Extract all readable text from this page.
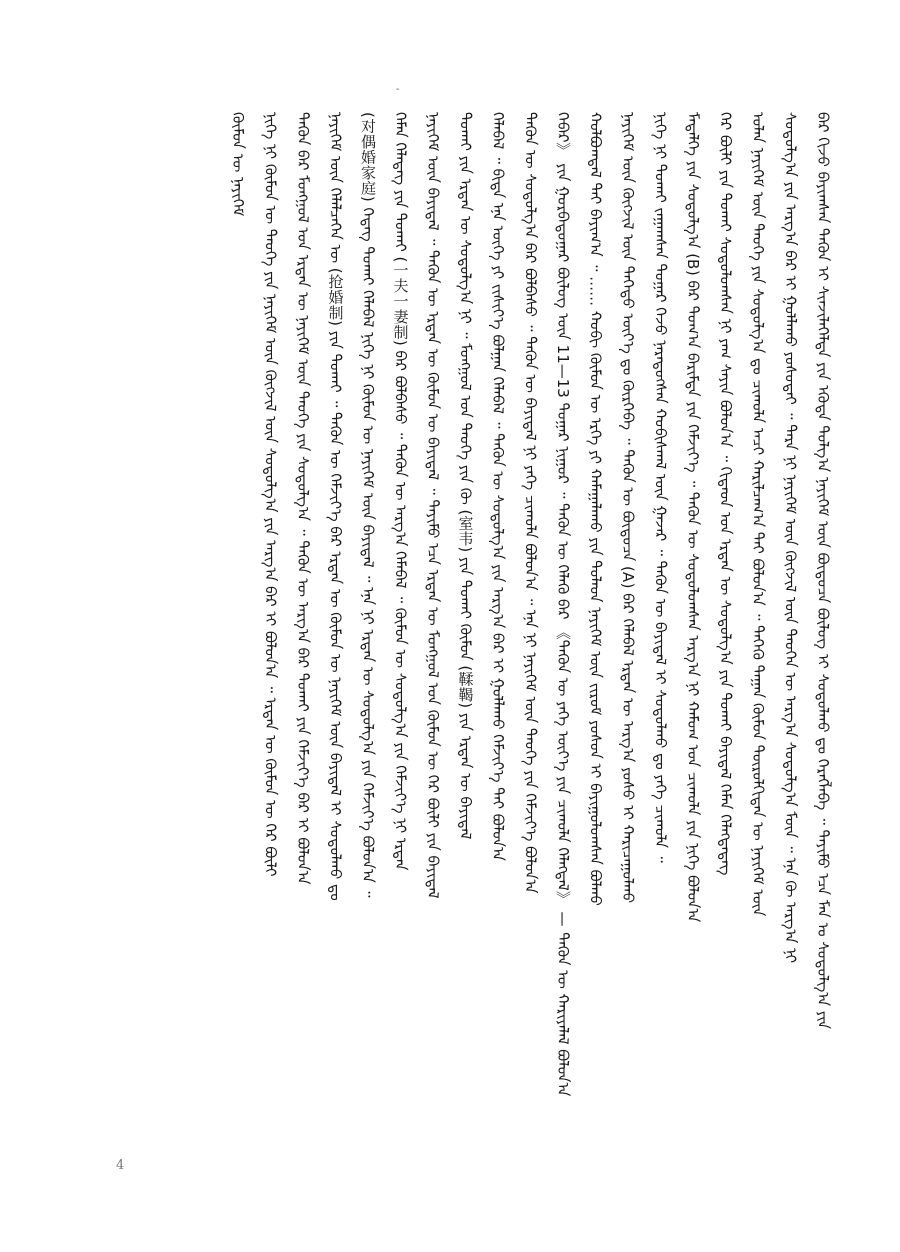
-
ᠪᠡᠷ ᠬᠢᠵᠤ ᠪᠠᠶᠢᠭᠰᠠᠨ ᠲᠡᠭᠦᠨ ᠢ ᠰᠢᠨᠵᠢᠯᠡᠭᠡᠯᠳᠡ ᠶᠢᠨ ᠡᠭᠦᠳᠡ ᠲᠤᠯᠭ᠎ᠠ ᠨᠡᠶᠢᠭᠡᠮ ᠦᠨ ᠪᠦᠲᠦᠴᠡ ᠪᠦᠯᠦᠭ ᠢ ᠰᠤᠳᠤᠯᠬᠤ ᠳᠤ ᠬᠡᠷᠡᠭᠯᠡᠪᠡ ᠃ ᠲᠡᠶᠢᠮᠦ ᠡᠴᠡ ᠮᠠᠨ ᠤ ᠰᠤᠳᠤᠯᠭ᠎ᠠ ᠶᠢᠨ
ᠰᠤᠳᠤᠯᠭ᠎ᠠ ᠶᠢᠨ ᠠᠷᠭ᠎ᠠ ᠪᠠᠷ ᠢ ᠭᠤᠯᠯᠠᠬᠤ ᠶᠤᠰᠤᠲᠠᠢ ᠃ ᠲᠡᠷᠡ ᠨᠢ ᠨᠡᠶᠢᠭᠡᠮ ᠦᠨ ᠬᠦᠭᠵᠢᠯ ᠦᠨ ᠲᠡᠦᠬᠡᠨ ᠦ ᠠᠷᠭ᠎ᠠ ᠰᠤᠳᠤᠯᠭ᠎ᠠ ᠮᠦᠨ ᠃ ᠡᠨᠡ ᠬᠦ ᠠᠷᠭ᠎ᠠ ᠨᠢ
ᠣᠯᠠᠨ ᠨᠡᠶᠢᠭᠡᠮ ᠦᠨ ᠲᠡᠦᠬᠡ ᠶᠢᠨ ᠰᠤᠳᠤᠯᠭ᠎ᠠ ᠳᠤ ᠴᠢᠬᠤᠯᠠ ᠠᠴᠢ ᠬᠠᠷᠢᠯᠴᠠᠭ᠎ᠠ ᠲᠠᠢ ᠪᠣᠯᠤᠨ᠎ᠠ ᠃ ᠲᠡᠭᠡᠬᠦ ᠳᠠᠭᠠᠨ ᠬᠦᠮᠦᠨ ᠲᠦᠷᠦᠯᠬᠢᠲᠡᠨ ᠦ ᠨᠡᠶᠢᠭᠡᠮ ᠦᠨ
ᠭᠡᠷ ᠪᠦᠯᠢ ᠶᠢᠨ ᠲᠤᠬᠠᠢ ᠰᠤᠳᠤᠯᠤᠭᠰᠠᠨ ᠨᠢ ᠶᠠᠭ ᠰᠠᠶᠢᠨ ᠪᠣᠯᠤᠨ᠎ᠠ ᠃ ᠬᠢᠲᠠᠳ ᠤᠨ ᠡᠷᠲᠡᠨ ᠦ ᠰᠤᠳᠤᠯᠭ᠎ᠠ ᠶᠢᠨ ᠲᠤᠬᠠᠢ ᠪᠠᠶᠢᠳᠠᠯ ᠬᠡᠮᠡᠨ ᠬᠡᠯᠡᠭᠳᠡᠳᠡᠭ
ᠮᠡᠳᠡᠯᠭᠡ ᠶᠢᠨ ᠰᠤᠳᠤᠯᠭ᠎ᠠ (B) ᠪᠠᠷ ᠲᠤᠭ᠎ᠠ ᠪᠠᠷᠢᠮᠲᠠ ᠶᠢᠨ ᠬᠡᠮᠵᠢᠶ᠎ᠡ ᠃ ᠲᠡᠭᠦᠨ ᠦ ᠰᠤᠳᠤᠯᠤᠭᠰᠠᠨ ᠠᠷᠭ᠎ᠠ ᠨᠢ ᠬᠠᠮᠤᠭ ᠤᠨ ᠴᠢᠬᠤᠯᠠ ᠶᠢᠨ ᠨᠢᠭᠡ ᠪᠣᠯᠤᠨ᠎ᠠ
ᠨᠢᠭᠡ ᠨᠢ ᠲᠤᠬᠠᠢ ᠵᠠᠭᠠᠭᠰᠠᠨ ᠳᠤᠭᠠᠷ ᠭᠡᠵᠦ ᠨᠡᠷᠡᠳᠦᠭᠰᠡᠨ ᠬᠤᠪᠢᠰᠬᠠᠯ ᠦᠨ ᠭᠠᠵᠠᠷ ᠃ ᠲᠡᠭᠦᠨ ᠦ ᠪᠠᠶᠢᠳᠠᠯ ᠢ ᠰᠤᠳᠤᠯᠬᠤ ᠳᠤ ᠶᠡᠬᠡ ᠴᠢᠬᠤᠯᠠ ᠃
ᠨᠡᠶᠢᠭᠡᠮ ᠦᠨ ᠬᠦᠭᠵᠢᠯ ᠦᠨ ᠳᠡᠭᠡᠳᠦ ᠦᠶ᠎ᠡ ᠳᠤ ᠬᠦᠷᠭᠡᠪᠡ ᠃ ᠲᠡᠭᠦᠨ ᠦ ᠪᠦᠲᠦᠴᠡ (A) ᠪᠠᠷ ᠬᠡᠯᠡᠪᠡᠯ ᠡᠷᠲᠡᠨ ᠦ ᠠᠷᠭ᠎ᠠ ᠶᠤᠰᠤ ᠢ ᠬᠠᠷᠢᠴᠠᠭᠤᠯᠬᠤ
ᠬᠣᠯᠪᠤᠭᠳᠠᠯ ᠲᠠᠢ ᠪᠠᠶᠢᠭ᠎ᠠ ᠃ …… ᠬᠤᠪᠢ ᠬᠦᠮᠦᠨ ᠦ ᠡᠷᠬᠡ ᠶᠢ ᠬᠠᠮᠠᠭᠠᠯᠠᠬᠤ ᠶᠢᠨ ᠲᠤᠯᠠᠳ ᠨᠡᠶᠢᠭᠡᠮ ᠦᠨ ᠵᠢᠷᠤᠮ ᠶᠤᠰᠤᠨ ᠢ ᠪᠠᠶᠢᠭᠤᠯᠤᠭᠰᠠᠨ ᠪᠣᠯᠬᠤ
ᠬᠡᠪᠡᠷ》 ᠶᠢᠨ ᠭᠤᠷᠪᠠᠳᠤᠭᠠᠷ ᠪᠦᠯᠦᠭ ᠦᠨ 11—13 ᠳᠤᠭᠠᠷ ᠨᠢᠭᠤᠷ ᠃ ᠲᠡᠭᠦᠨ ᠦ ᠬᠡᠯᠡᠬᠦ ᠪᠠᠷ 《ᠲᠡᠭᠦᠨ ᠦ ᠶᠡᠬᠡ ᠦᠶ᠎ᠡ ᠶᠢᠨ ᠴᠢᠬᠤᠯᠠ ᠬᠡᠯᠡᠭᠳᠡᠯ》 — ᠲᠡᠭᠦᠨ ᠦ ᠬᠠᠷᠢᠶᠠᠯᠠᠯ ᠪᠣᠯᠤᠨ᠎ᠠ
ᠲᠡᠭᠦᠨ ᠦ ᠰᠤᠳᠤᠯᠭ᠎ᠠ ᠪᠠᠷ ᠪᠣᠯᠪᠠᠰᠤ ᠃ ᠲᠡᠭᠦᠨ ᠦ ᠪᠠᠶᠢᠳᠠᠯ ᠨᠢ ᠶᠡᠬᠡ ᠴᠢᠬᠤᠯᠠ ᠪᠣᠯᠤᠨ᠎ᠠ ᠃ ᠡᠨᠡ ᠨᠢ ᠨᠡᠶᠢᠭᠡᠮ ᠦᠨ ᠲᠡᠦᠬᠡ ᠶᠢᠨ ᠬᠡᠮᠵᠢᠶ᠎ᠡ ᠪᠣᠯᠤᠨ᠎ᠠ
ᠬᠡᠯᠡᠪᠡᠯ ᠃ ᠪᠢᠳᠡ ᠡᠨᠡ ᠦᠭᠡ ᠶᠢ ᠵᠢᠱᠢᠶ᠎ᠡ ᠪᠣᠯᠭᠠᠨ ᠬᠡᠯᠡᠪᠡᠯ ᠃ ᠲᠡᠭᠦᠨ ᠦ ᠰᠤᠳᠤᠯᠭ᠎ᠠ ᠶᠢᠨ ᠠᠷᠭ᠎ᠠ ᠪᠠᠷ ᠢ ᠭᠤᠯᠯᠠᠬᠤ ᠬᠡᠮᠵᠢᠶ᠎ᠡ ᠲᠠᠢ ᠪᠣᠯᠤᠨ᠎ᠠ
ᠲᠤᠬᠠᠢ ᠶᠢᠨ ᠡᠷᠲᠡᠨ ᠦ ᠰᠤᠳᠤᠯᠭ᠎ᠠ ᠨᠢ ᠃ ᠮᠤᠩᠭᠤᠯ ᠤᠨ ᠲᠡᠦᠬᠡ ᠶᠢᠨ ᠬᠦ (室韦) ᠶᠢᠨ ᠲᠤᠬᠠᠢ ᠬᠦᠮᠦᠨ (鞣鞨) ᠶᠢᠨ ᠡᠷᠲᠡᠨ ᠦ ᠪᠠᠶᠢᠳᠠᠯ
ᠨᠡᠶᠢᠭᠡᠮ ᠦᠨ ᠪᠠᠶᠢᠳᠠᠯ ᠃ ᠲᠡᠭᠦᠨ ᠦ ᠡᠷᠲᠡᠨ ᠦ ᠬᠦᠮᠦᠨ ᠦ ᠪᠠᠶᠢᠳᠠᠯ ᠃ ᠲᠡᠶᠢᠮᠦ ᠡᠴᠡ ᠡᠷᠲᠡᠨ ᠦ ᠮᠤᠩᠭᠤᠯ ᠤᠨ ᠬᠦᠮᠦᠨ ᠦ ᠭᠡᠷ ᠪᠦᠯᠢ ᠶᠢᠨ ᠪᠠᠶᠢᠳᠠᠯ
ᠬᠡᠮᠡᠨ ᠬᠡᠯᠡᠳᠡᠭ ᠶᠢᠨ ᠲᠤᠬᠠᠢ (一夫一妻制) ᠪᠠᠷ ᠪᠣᠯᠪᠠᠰᠤ ᠃ ᠲᠡᠭᠦᠨ ᠦ ᠠᠷᠭ᠎ᠠ ᠬᠡᠮᠡᠪᠡᠯ ᠃ ᠬᠦᠮᠦᠨ ᠦ ᠰᠤᠳᠤᠯᠭ᠎ᠠ ᠶᠢᠨ ᠬᠡᠮᠵᠢᠶ᠎ᠡ ᠨᠢ ᠡᠷᠲᠡᠨ
(对偶婚家庭) ᠭᠡᠳᠡᠭ ᠲᠤᠬᠠᠢ ᠬᠡᠯᠡᠪᠡᠯ ᠨᠢᠭᠡ ᠨᠢ ᠬᠦᠮᠦᠨ ᠦ ᠨᠡᠶᠢᠭᠡᠮ ᠦᠨ ᠪᠠᠶᠢᠳᠠᠯ ᠃ ᠡᠨᠡ ᠨᠢ ᠡᠷᠲᠡᠨ ᠦ ᠰᠤᠳᠤᠯᠭ᠎ᠠ ᠶᠢᠨ ᠬᠡᠮᠵᠢᠶ᠎ᠡ ᠪᠣᠯᠤᠨ᠎ᠠ ᠃
ᠨᠡᠶᠢᠭᠡᠮ ᠦᠨ ᠬᠡᠯᠡᠯᠴᠡᠭᠡᠨ ᠦ (抢婚制) ᠶᠢᠨ ᠲᠤᠬᠠᠢ ᠃ ᠲᠡᠭᠦᠨ ᠦ ᠬᠡᠮᠵᠢᠶ᠎ᠡ ᠪᠠᠷ ᠡᠷᠲᠡᠨ ᠦ ᠬᠦᠮᠦᠨ ᠦ ᠨᠡᠶᠢᠭᠡᠮ ᠦᠨ ᠪᠠᠶᠢᠳᠠᠯ ᠢ ᠰᠤᠳᠤᠯᠬᠤ ᠳᠤ
ᠲᠡᠭᠦᠨ ᠪᠠᠷ ᠮᠤᠩᠭᠤᠯ ᠤᠨ ᠡᠷᠲᠡᠨ ᠦ ᠨᠡᠶᠢᠭᠡᠮ ᠦᠨ ᠲᠡᠦᠬᠡ ᠶᠢᠨ ᠰᠤᠳᠤᠯᠭ᠎ᠠ ᠃ ᠲᠡᠭᠦᠨ ᠦ ᠠᠷᠭ᠎ᠠ ᠪᠠᠷ ᠲᠤᠬᠠᠢ ᠶᠢᠨ ᠬᠡᠮᠵᠢᠶ᠎ᠡ ᠪᠠᠷ ᠢ ᠪᠣᠯᠤᠨ᠎ᠠ
ᠨᠢᠭᠡ ᠨᠢ ᠬᠦᠮᠦᠨ ᠦ ᠲᠡᠦᠬᠡ ᠶᠢᠨ ᠨᠡᠶᠢᠭᠡᠮ ᠦᠨ ᠬᠦᠭᠵᠢᠯ ᠦᠨ ᠰᠤᠳᠤᠯᠭ᠎ᠠ ᠶᠢᠨ ᠠᠷᠭ᠎ᠠ ᠪᠠᠷ ᠢ ᠪᠣᠯᠤᠨ᠎ᠠ ᠃ ᠡᠷᠲᠡᠨ ᠦ ᠬᠦᠮᠦᠨ ᠦ ᠭᠡᠷ ᠪᠦᠯᠢ
ᠬᠦᠮᠦᠨ ᠦ ᠨᠡᠶᠢᠭᠡᠮ
4
